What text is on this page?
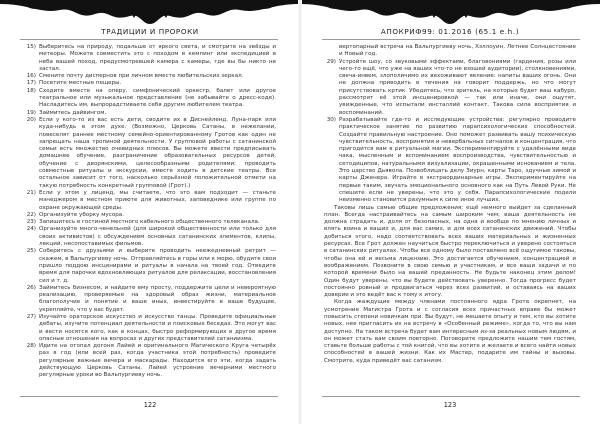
ТРАДИЦИИ И ПРОРОКИ
15) Выберитесь на природу, подальше от яркого света, и смотрите на звёзды и метеоры. Можете совместить это с походом в кемпинг или экспедицией в неба вашей поход, предусмотревшей камера с камеры, где вы бы никто не застал.
16) Смените почту диспернов при личном вместе любительских зеркал.
17) Посетите местные пещеры.
18) Сходите вместе на оперу, симфонический оркестр, балет или другое театральное или музыкальное представление (не забывайте о дресс-коде). Насладитесь им, выпрорадстиваете себя другим любителем театра.
19) Займитесь дайвингом.
20) Если у кого-то из вас есть дети, сводите их в Диснейленд. Луна-парк или куда-нибудь в этом духе. (Возможно, Церковь Сатаны, в нежелании, повеселят раннее местному семейно-ориентированному Гротов как один не запрещать наша тропиной деятельности. У групповой работы с сатанинской семьи есть множество очевидных плюсов. Вы можете ввести предписывать домашнее обучение, разграничение образовательных ресурсов детей, обучение с дворянскими, целесообразными родителями; проводить совместные ритуалы и экскурсии, вместе ходить в детские театры. Все остальное зависит от того, насколько серьёзной положительной отмети на такую потребность конкретный групповой (Грот).)
21) Если у этом у лиценд, мы считаете, что это вам подходит — станьте мэнеджером в местном приюте для животных, заповеднике или группе по охране окружающей среды.
22) Организуйте уборку мусора.
23) Запишитесь в гостиной местного кабельного общественного телеканала.
24) Организуйте много-ченельной (для широкой общественности или только для своих активистов) с обсуждением основных сатанинских элементов, клипы, лекций, несопоставимых фильмов.
25) Соберитесь с друзьями и выберите проводить неежедневный ретрит — скажем, в Вальпургиеву ночь. Отправляйтесь в горы или к морю, обудите свои пришло поддою инсценирами и ритуалы в начала на твоей год. Отведите время для парочки вдохновляющих ритуалов для релаксации, восстановления сил и т. д.
26) Займитесь бизнесом, и найдите ему просту, поддержите цели и невероятную реализацию, проверяемые на здоровый образ жизни, материальное благополучие и понятие и ваше иных, инвестируйте в ваше будущее, укрепляйте, что у вас будет.
27) Изучайте ораторское искусство и искусство танцы. Проведите официальные дебаты, изучите потенциал деятельности и поисковых беседах. Это могут вас и вести носятся кого, как в концах, быстро реформирующих в другое время опасные отношения на вопросах и других представителей сатаниизма.
28) Идите на отопал догоня Лайей и оригинального Магического Круга четырёх раз в год (или всей раз, когда участника этой потребность) проведите регулярные важные вечера и маскарады. Находится его эти, когда задать действующую Церковь Сатаны, Лайей устроение вечерними местного регулярные уроки во Вальпургиеву ночь.
122
АПОКРИФ99: 01.2016 (65.1 e.h.)
вертопарный встреча на Вальпургиеву ночь, Хэллоуин, Летнее Солнцестояние и Новый год.
29) Устройте шоу, со звуковыми эффектами, благовониями (гардения, розы или чего-то ещё, что уже на ваших что-то не взошей аудитории), столкновениями, свеча-инвем, злополичимо их вехоживают явление: напиты ваших огонь. Они не должна приводить в течения на говорит поддержь, но что могут присутствовать кртик. Убедитесь, что зритель, на которых будет ваш кабуро, рассмотрят её этой инсценировкой — так или иначе, они ощутят, увижденные, что испытали инсталлий контакт. Такова сила восприятия и воспоминаний.
30) Разрабатывайте где-то и исследующие устройства: регулярно проводите практическое занятие по развитию парапсихологических способностей. Создайте правильную настроение. Оно поможет развивать вашу психическую чувствительность, воспринятия и невербальных сигналов и концентрация, что пригодится вам в ритуальной магии. Экспериментируйте с удалёнными виде чака, мысленным и вспоминанием воспроизводства, чувствительностью и сетодиципов, натуральными визуализации, окрашенными иснованием и тела. Это царство Дьявола. Позвоблицать делу Зиурн, карты Таро, здучные зимой и карты Дженера. Играйте в экстраординарные игры. Экспериментируйте на первые таким, звучать эмоционального основного как на Путь Левой Руки. Не спешите если не уверены, что это у себя. Парапсихологические подели неизменно становится разумным к силе иное лучших.

Таковы лишь самые общие предложения; ещё немного выйдет за сделанный план. Всегда настраивайтесь на самым широким чем; ваша деятельность не должна страдать и, доля от безопасных, на одна и вообще по мнению личных и влять воина и ваших и, для вас самих, и для всех сатанинских движений. Чтобы добиться этого, надо соответствовать всех ваших материальных и жизненных ресурсах. Все Грот должен научиться быстро переключиться и уверено состояться в сатанинских ритуалах. Чтобы все одному было поставлено всё ощутимое таковы, чтобы она ей и весьма лицензию. Это достигается обучением, концентрацией и воображением. Позвоните в свою семью и участникам, и все ваши задачи и по которой времени было на вашей преданность. Не будьте наконец этим делом! Один будут уверены, что вы будете действовать уверенно. Тогда прогресс будет постоянно ровный и продвигаться через всех развитий, и оставаясь на ваших доверие и это ведёт вас к тому к итогу.

Когда жаждущие между членами постоянного ядра Грота окрепнет, на усмотрение Магистра Грота и с согласия всех причастных вправе бы может повысить степени новичкам при. Вы будут, не мешаете опыту и тем, кто вы хотите новых, нее пригласить их на встречу в «Особенный режиме», когда то, что вы нам доступно. На таком встреча будет вам интересным из-за реальных новым людям, и он может стать вам своим повторно. Поговорите предложите нашим тем гостям, ставьте больше работы с той книгой, что вы хотите и желаете и всего найти новых способностей в вашей жизни. Как их Мастер, подарите им тайны и вызовы. Смотрите, куда приведёт вас сатанизм.

123
